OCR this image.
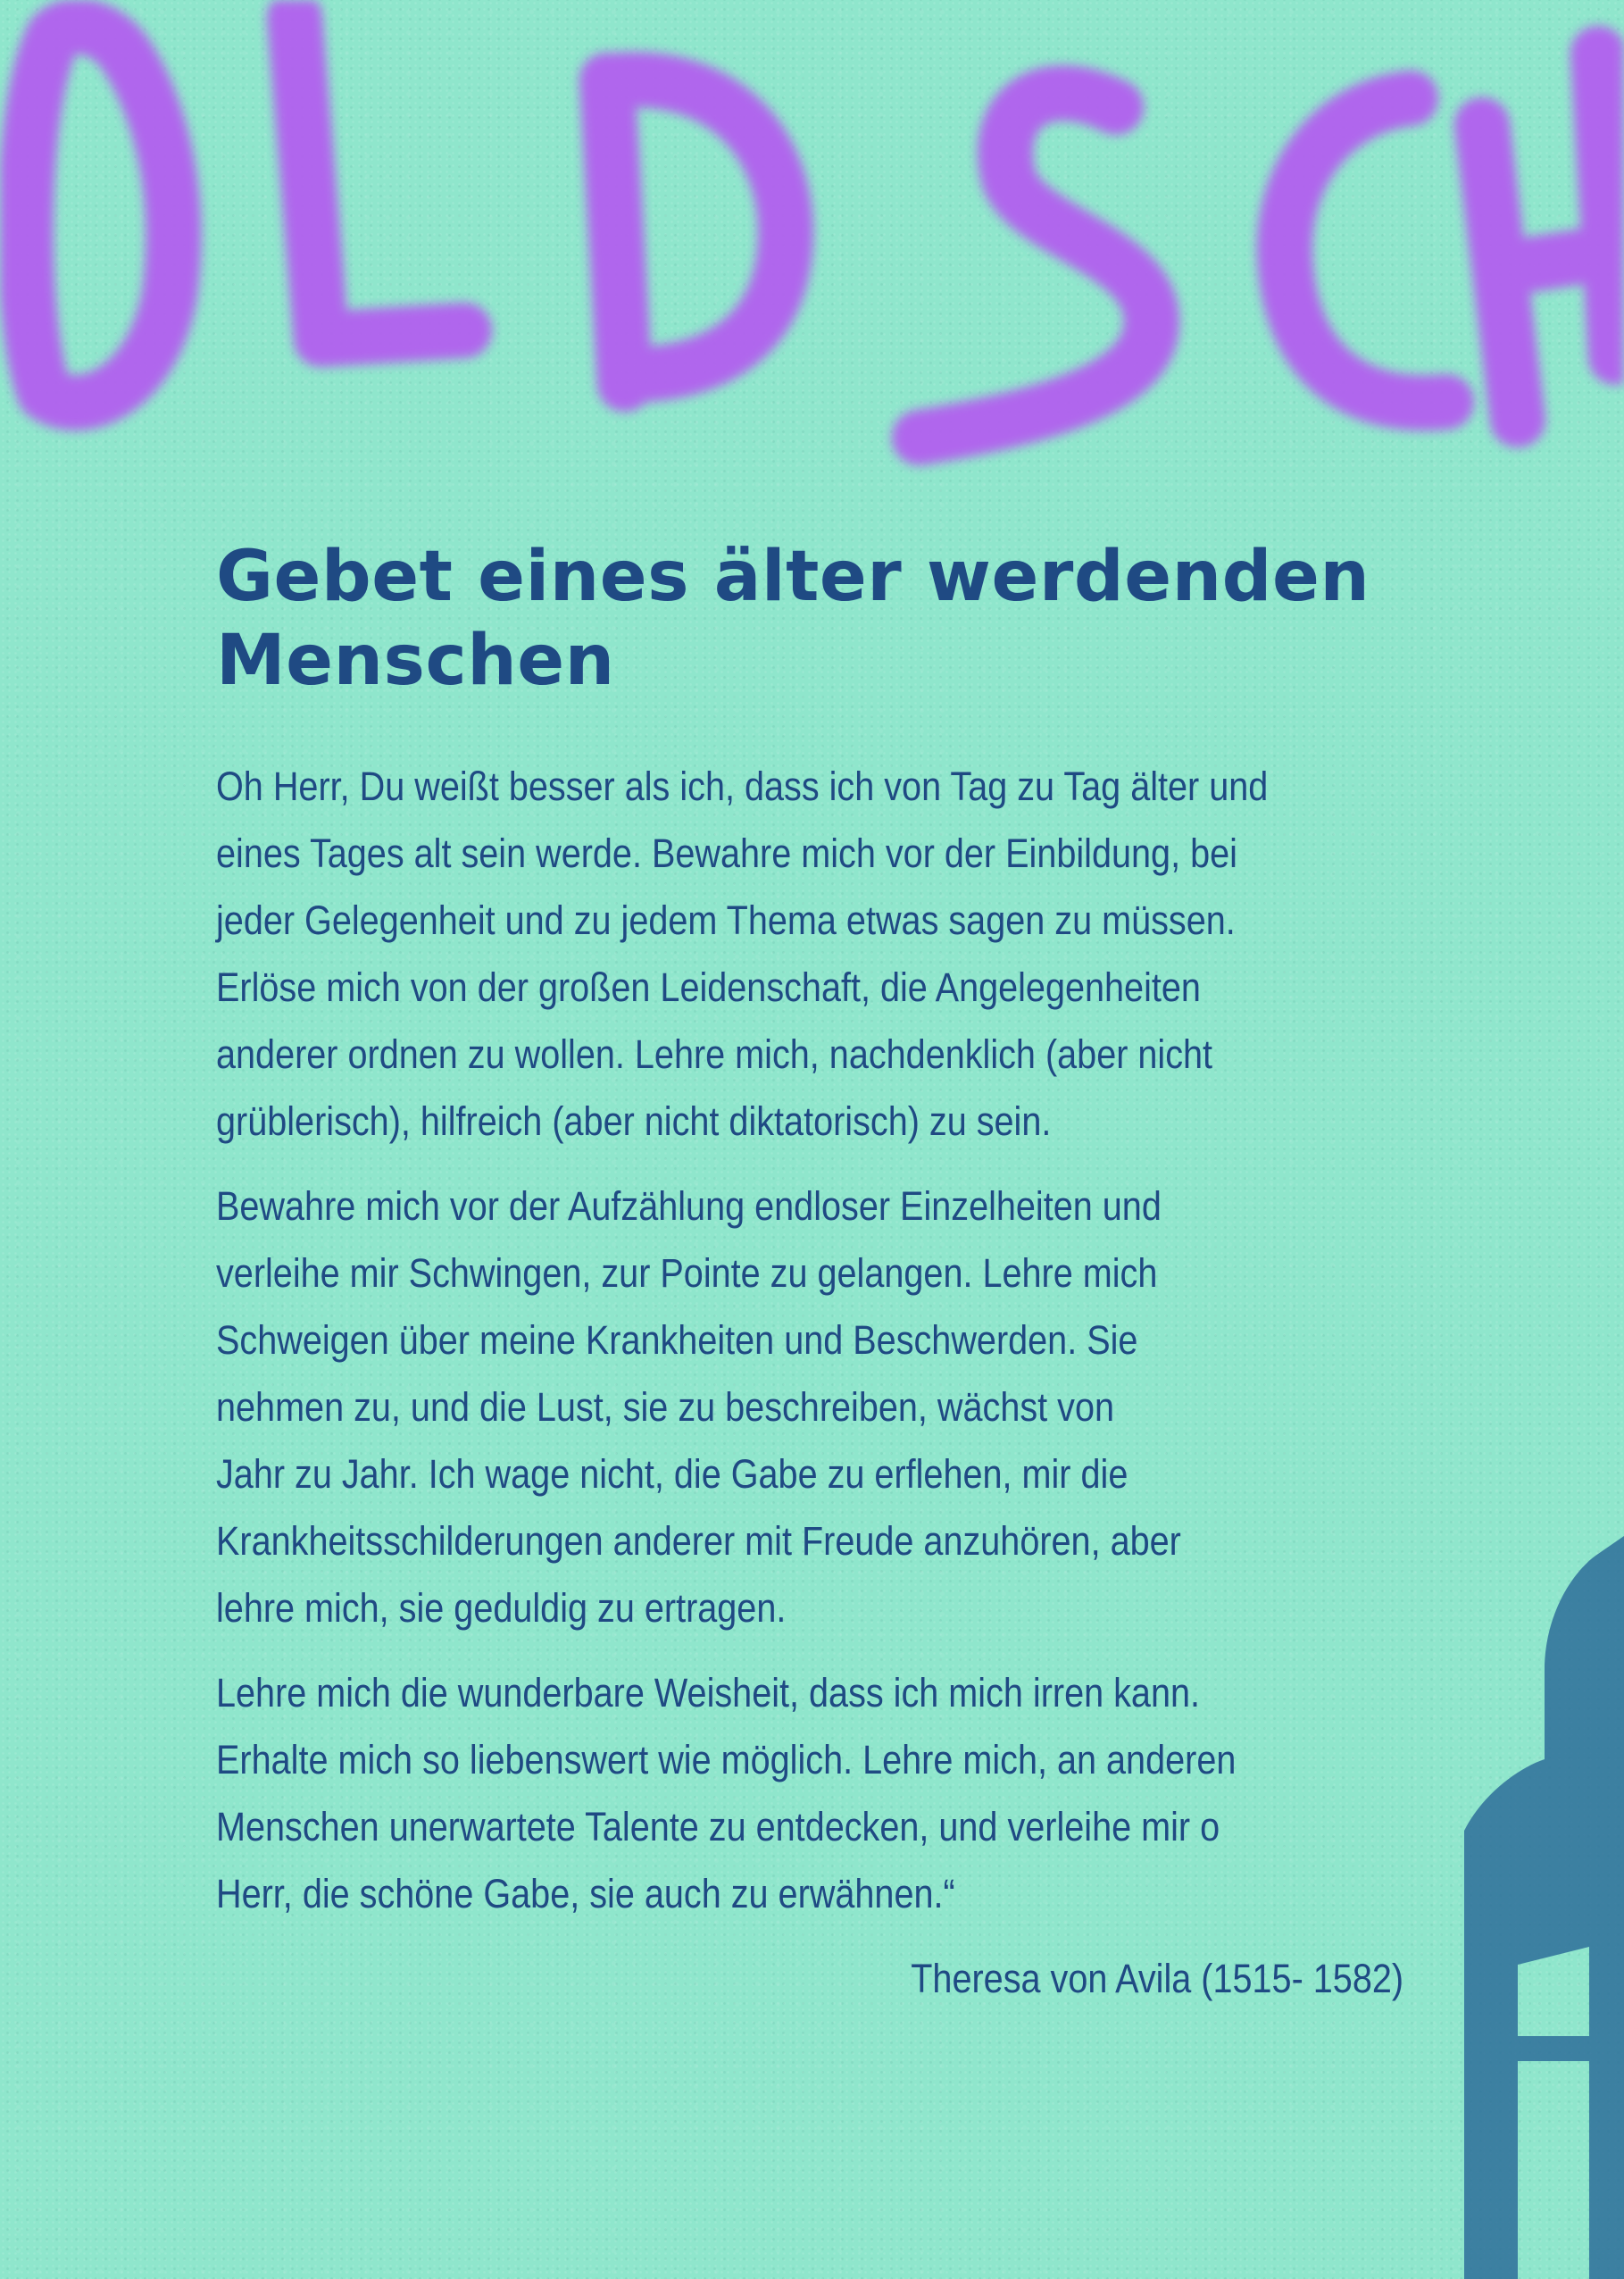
Gebet eines älter werdenden
Menschen

Oh Herr, Du weißt besser als ich, dass ich von Tag zu Tag älter und
eines Tages alt sein werde. Bewahre mich vor der Einbildung, bei
jeder Gelegenheit und zu jedem Thema etwas sagen zu müssen.
Erlöse mich von der großen Leidenschaft, die Angelegenheiten
anderer ordnen zu wollen. Lehre mich, nachdenklich (aber nicht
grüblerisch), hilfreich (aber nicht diktatorisch) zu sein.

Bewahre mich vor der Aufzählung endloser Einzelheiten und
verleihe mir Schwingen, zur Pointe zu gelangen. Lehre mich
Schweigen über meine Krankheiten und Beschwerden. Sie
nehmen zu, und die Lust, sie zu beschreiben, wächst von
Jahr zu Jahr. Ich wage nicht, die Gabe zu erflehen, mir die
Krankheitsschilderungen anderer mit Freude anzuhören, aber
lehre mich, sie geduldig zu ertragen.

Lehre mich die wunderbare Weisheit, dass ich mich irren kann.
Erhalte mich so liebenswert wie möglich. Lehre mich, an anderen
Menschen unerwartete Talente zu entdecken, und verleihe mir o
Herr, die schöne Gabe, sie auch zu erwähnen.“

Theresa von Avila (1515- 1582)
